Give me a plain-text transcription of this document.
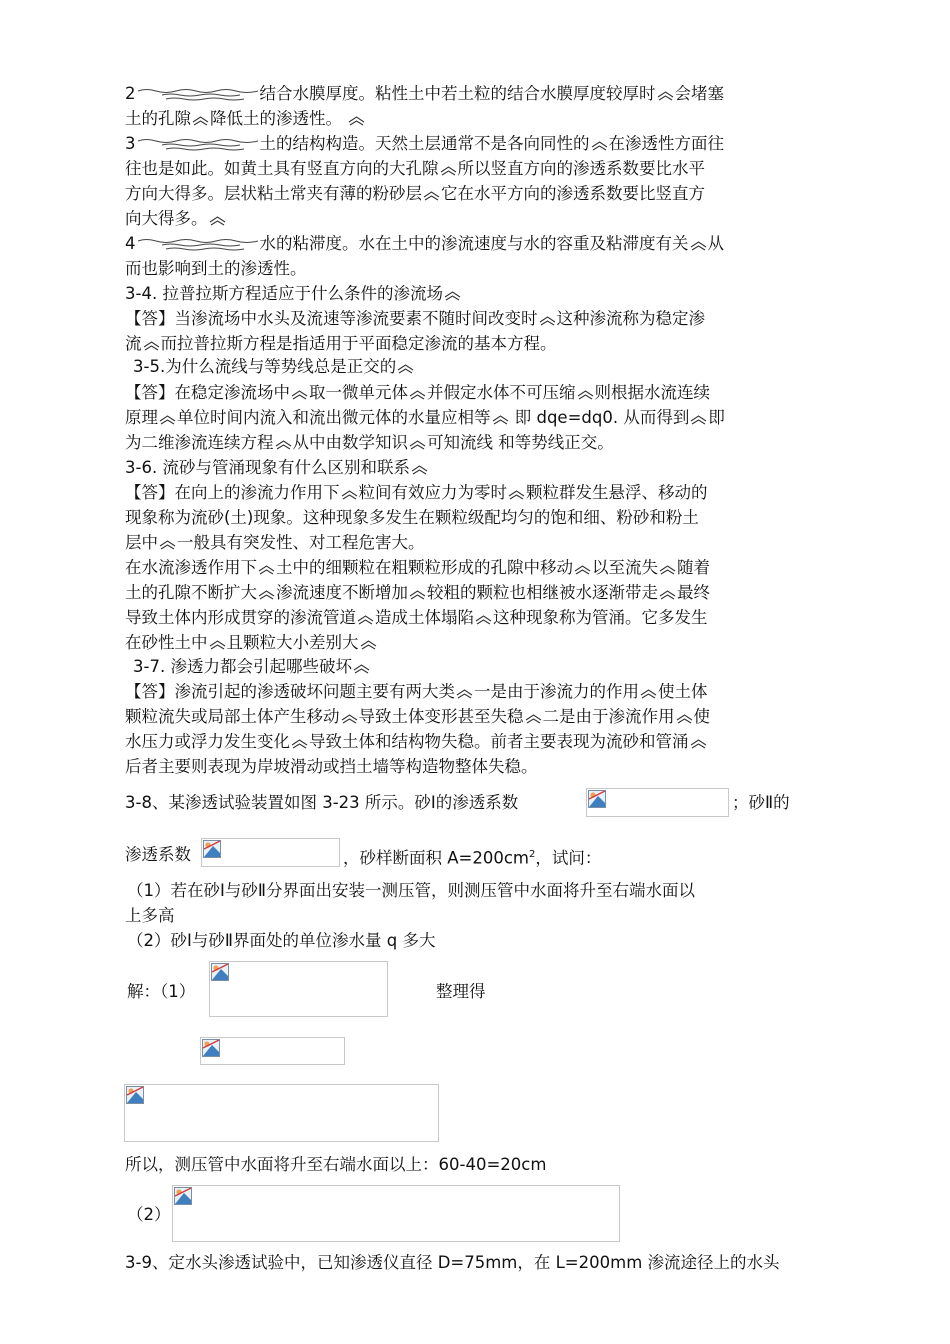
2	结合水膜厚度。粘性土中若土粒的结合水膜厚度较厚时 会堵塞
土的孔隙 降低土的渗透性。
3	土的结构构造。天然土层通常不是各向同性的 在渗透性方面往
往也是如此。如黄土具有竖直方向的大孔隙 所以竖直方向的渗透系数要比水平
方向大得多。层状粘土常夹有薄的粉砂层 它在水平方向的渗透系数要比竖直方
向大得多。
4	水的粘滞度。水在土中的渗流速度与水的容重及粘滞度有关 从
而也影响到土的渗透性。
3-4. 拉普拉斯方程适应于什么条件的渗流场
【答】当渗流场中水头及流速等渗流要素不随时间改变时 这种渗流称为稳定渗
流 而拉普拉斯方程是指适用于平面稳定渗流的基本方程。
3-5.为什么流线与等势线总是正交的
【答】在稳定渗流场中 取一微单元体 并假定水体不可压缩 则根据水流连续
原理 单位时间内流入和流出微元体的水量应相等 即 dqe=dq0. 从而得到 即
为二维渗流连续方程 从中由数学知识 可知流线 和等势线正交。
3-6. 流砂与管涌现象有什么区别和联系
【答】在向上的渗流力作用下 粒间有效应力为零时 颗粒群发生悬浮、移动的
现象称为流砂(土)现象。这种现象多发生在颗粒级配均匀的饱和细、粉砂和粉土
层中 一般具有突发性、对工程危害大。
在水流渗透作用下 土中的细颗粒在粗颗粒形成的孔隙中移动 以至流失 随着
土的孔隙不断扩大 渗流速度不断增加 较粗的颗粒也相继被水逐渐带走 最终
导致土体内形成贯穿的渗流管道 造成土体塌陷 这种现象称为管涌。它多发生
在砂性土中 且颗粒大小差别大
3-7. 渗透力都会引起哪些破坏
【答】渗流引起的渗透破坏问题主要有两大类 一是由于渗流力的作用 使土体
颗粒流失或局部土体产生移动 导致土体变形甚至失稳 二是由于渗流作用 使
水压力或浮力发生变化 导致土体和结构物失稳。前者主要表现为流砂和管涌
后者主要则表现为岸坡滑动或挡土墙等构造物整体失稳。
3-8、某渗透试验装置如图 3-23 所示。砂Ⅰ的渗透系数	；砂Ⅱ的
渗透系数	，砂样断面积 $A=200cm^2$，试问：
（1）若在砂Ⅰ与砂Ⅱ分界面出安装一测压管，则测压管中水面将升至右端水面以
上多高
（2）砂Ⅰ与砂Ⅱ界面处的单位渗水量 q 多大
解：（1）	整理得
所以，测压管中水面将升至右端水面以上：60-40=20cm
（2）
3-9、定水头渗透试验中，已知渗透仪直径 D=75mm，在 L=200mm 渗流途径上的水头
